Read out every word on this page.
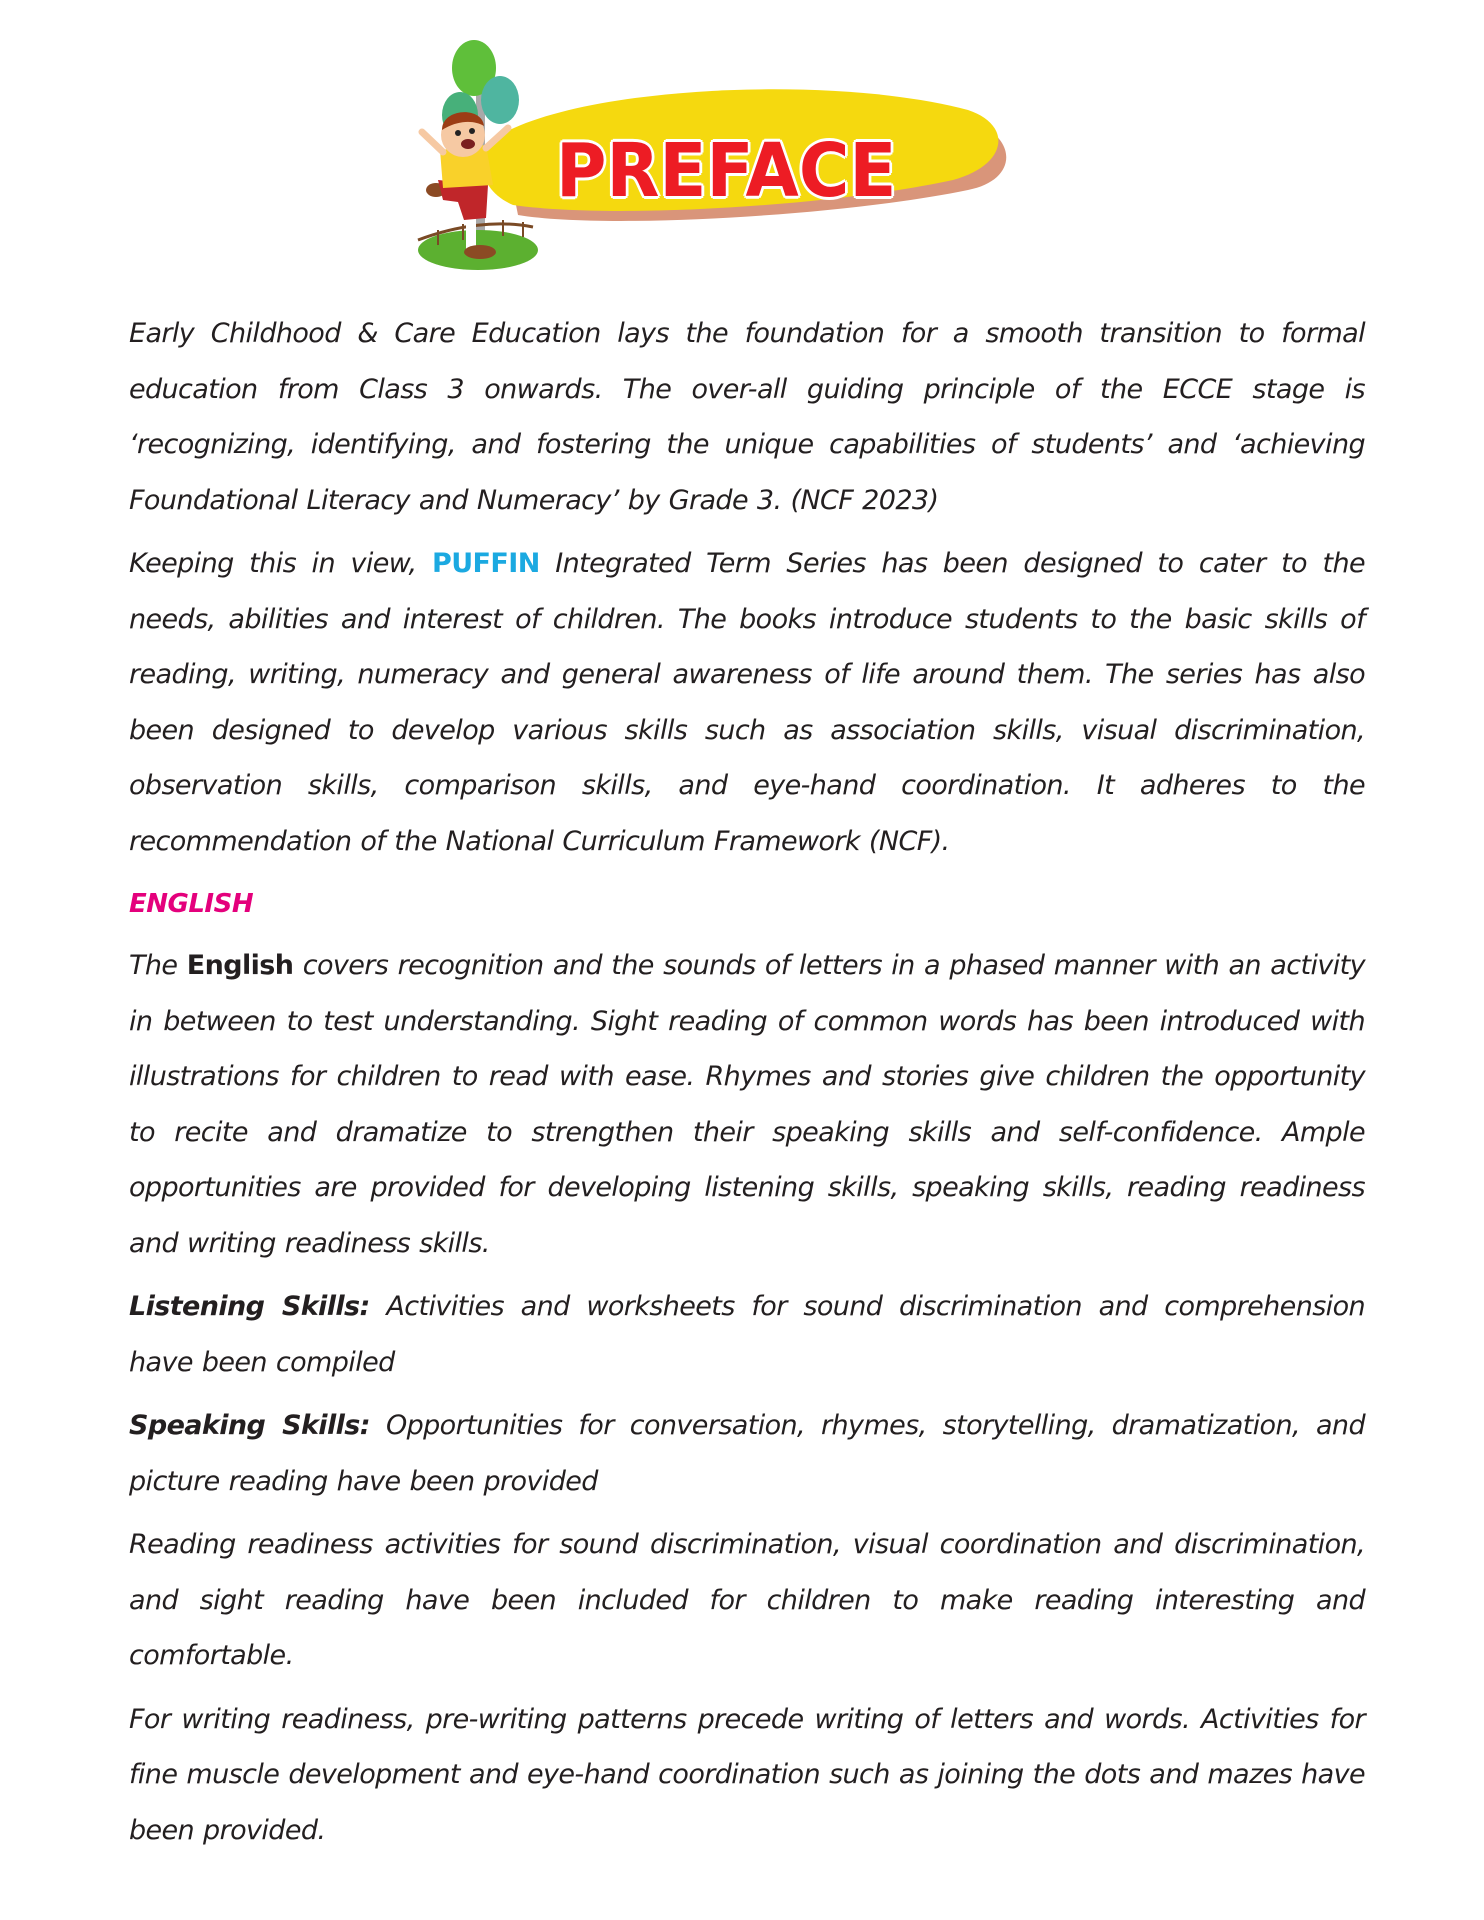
PREFACE

Early Childhood & Care Education lays the foundation for a smooth transition to formal education from Class 3 onwards. The over-all guiding principle of the ECCE stage is ‘recognizing, identifying, and fostering the unique capabilities of students’ and ‘achieving Foundational Literacy and Numeracy’ by Grade 3. (NCF 2023)

Keeping this in view, PUFFIN Integrated Term Series has been designed to cater to the needs, abilities and interest of children. The books introduce students to the basic skills of reading, writing, numeracy and general awareness of life around them. The series has also been designed to develop various skills such as association skills, visual discrimination, observation skills, comparison skills, and eye-hand coordination. It adheres to the recommendation of the National Curriculum Framework (NCF).

ENGLISH

The English covers recognition and the sounds of letters in a phased manner with an activity in between to test understanding. Sight reading of common words has been introduced with illustrations for children to read with ease. Rhymes and stories give children the opportunity to recite and dramatize to strengthen their speaking skills and self-confidence. Ample opportunities are provided for developing listening skills, speaking skills, reading readiness and writing readiness skills.

Listening Skills: Activities and worksheets for sound discrimination and comprehension have been compiled

Speaking Skills: Opportunities for conversation, rhymes, storytelling, dramatization, and picture reading have been provided

Reading readiness activities for sound discrimination, visual coordination and discrimination, and sight reading have been included for children to make reading interesting and comfortable.

For writing readiness, pre-writing patterns precede writing of letters and words. Activities for fine muscle development and eye-hand coordination such as joining the dots and mazes have been provided.
